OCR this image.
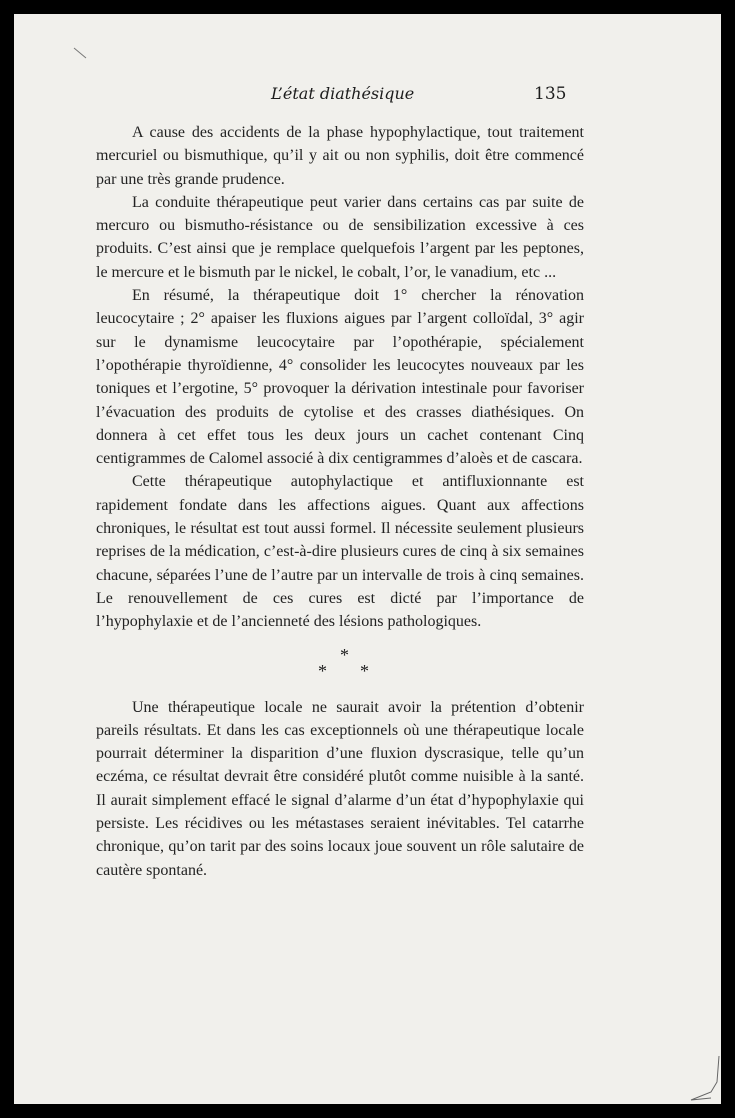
L’état diathésique	135

A cause des accidents de la phase hypophylactique, tout traitement mercuriel ou bismuthique, qu’il y ait ou non syphilis, doit être commencé par une très grande prudence.

La conduite thérapeutique peut varier dans certains cas par suite de mercuro ou bismutho-résistance ou de sensibilization excessive à ces produits. C’est ainsi que je remplace quelquefois l’argent par les peptones, le mercure et le bismuth par le nickel, le cobalt, l’or, le vanadium, etc ...

En résumé, la thérapeutique doit 1° chercher la rénovation leucocytaire ; 2° apaiser les fluxions aigues par l’argent colloïdal, 3° agir sur le dynamisme leucocytaire par l’opothérapie, spécialement l’opothérapie thyroïdienne, 4° consolider les leucocytes nouveaux par les toniques et l’ergotine, 5° provoquer la dérivation intestinale pour favoriser l’évacuation des produits de cytolise et des crasses diathésiques. On donnera à cet effet tous les deux jours un cachet contenant Cinq centigrammes de Calomel associé à dix centigrammes d’aloès et de cascara.

Cette thérapeutique autophylactique et antifluxionnante est rapidement fondate dans les affections aigues. Quant aux affections chroniques, le résultat est tout aussi formel. Il nécessite seulement plusieurs reprises de la médication, c’est-à-dire plusieurs cures de cinq à six semaines chacune, séparées l’une de l’autre par un intervalle de trois à cinq semaines. Le renouvellement de ces cures est dicté par l’importance de l’hypophylaxie et de l’ancienneté des lésions pathologiques.

*
* *

Une thérapeutique locale ne saurait avoir la prétention d’obtenir pareils résultats. Et dans les cas exceptionnels où une thérapeutique locale pourrait déterminer la disparition d’une fluxion dyscrasique, telle qu’un eczéma, ce résultat devrait être considéré plutôt comme nuisible à la santé. Il aurait simplement effacé le signal d’alarme d’un état d’hypophylaxie qui persiste. Les récidives ou les métastases seraient inévitables. Tel catarrhe chronique, qu’on tarit par des soins locaux joue souvent un rôle salutaire de cautère spontané.
